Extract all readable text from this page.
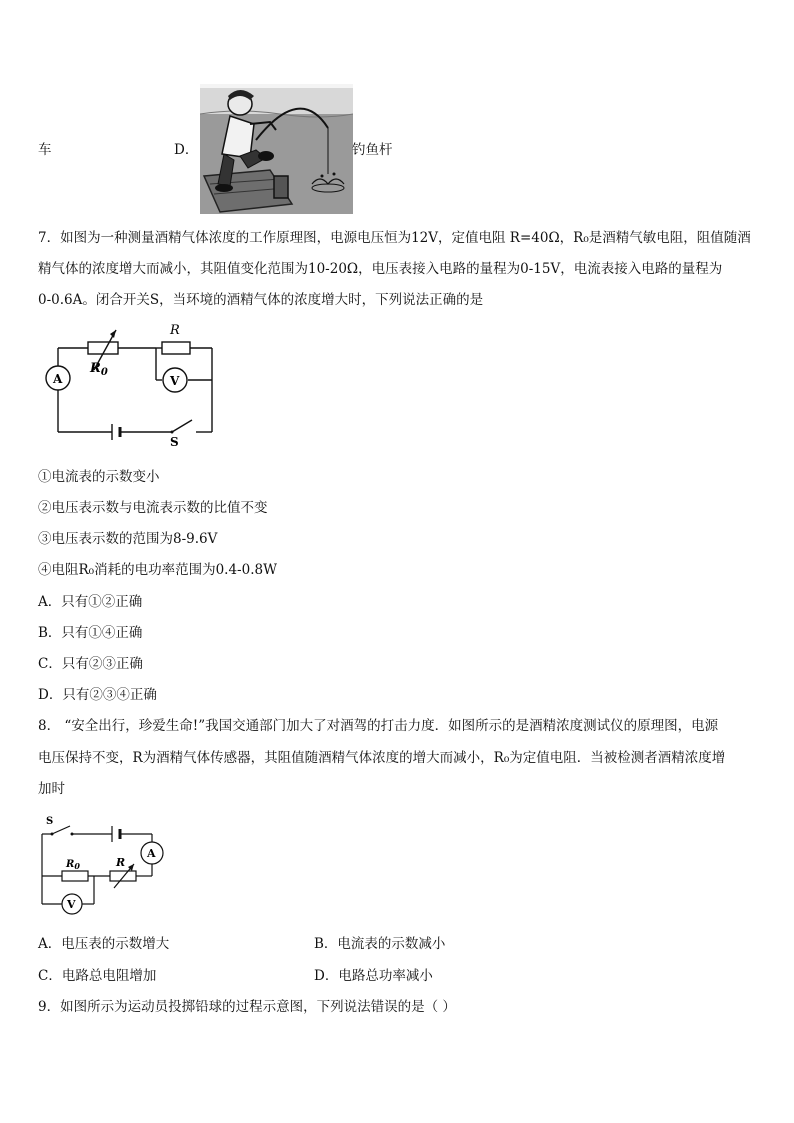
车	D．	钓鱼杆
7．如图为一种测量酒精气体浓度的工作原理图，电源电压恒为12V，定值电阻 R=40Ω，R₀是酒精气敏电阻，阻值随酒
精气体的浓度增大而减小，其阻值变化范围为10-20Ω，电压表接入电路的量程为0-15V，电流表接入电路的量程为
0-0.6A。闭合开关S，当环境的酒精气体的浓度增大时，下列说法正确的是
R
$R_0$
A	V
S
①电流表的示数变小
②电压表示数与电流表示数的比值不变
③电压表示数的范围为8-9.6V
④电阻R₀消耗的电功率范围为0.4-0.8W
A．只有①②正确
B．只有①④正确
C．只有②③正确
D．只有②③④正确
8． “安全出行，珍爱生命!”我国交通部门加大了对酒驾的打击力度．如图所示的是酒精浓度测试仪的原理图，电源
电压保持不变，R为酒精气体传感器，其阻值随酒精气体浓度的增大而减小，R₀为定值电阻．当被检测者酒精浓度增
加时
S
$R_0$	R
A
V
A．电压表的示数增大	B．电流表的示数减小
C．电路总电阻增加	D．电路总功率减小
9．如图所示为运动员投掷铅球的过程示意图，下列说法错误的是（ ）
